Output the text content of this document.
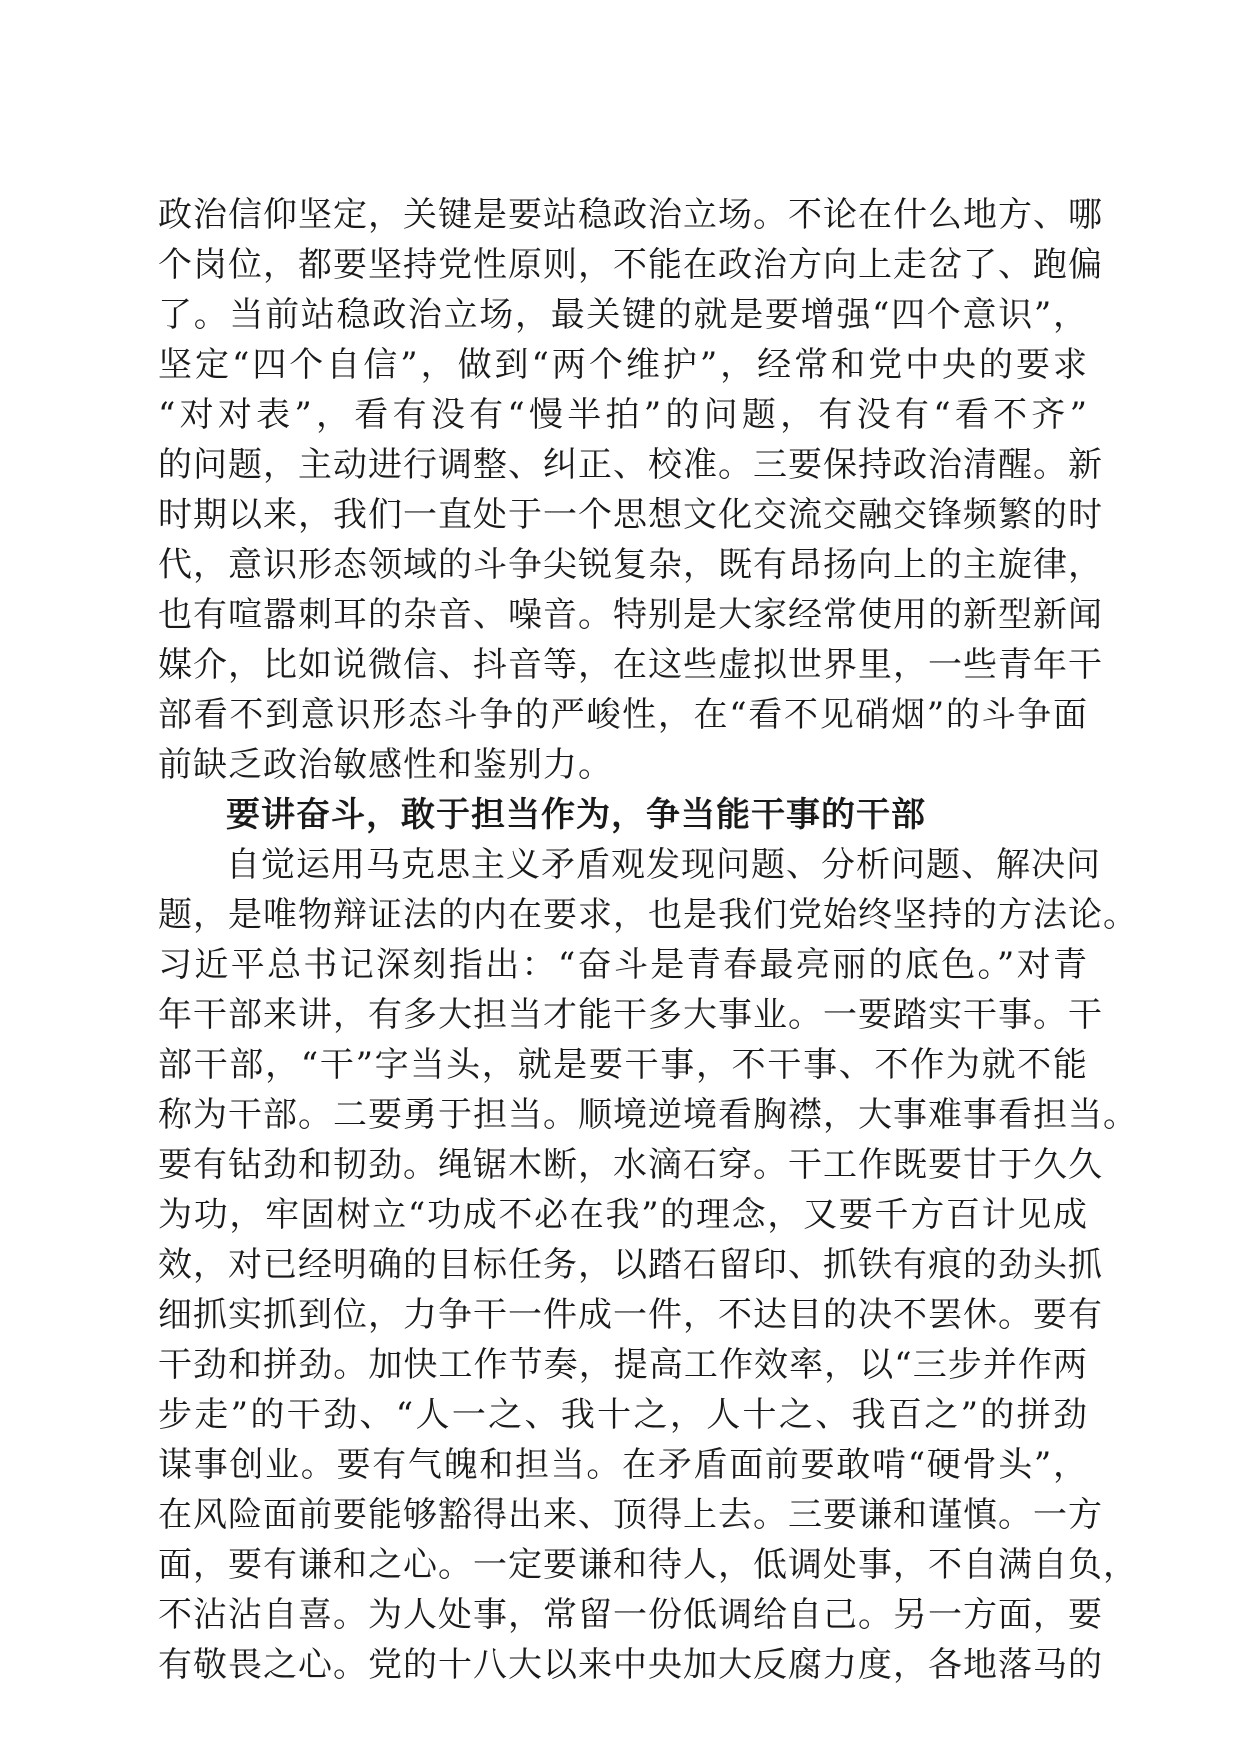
政治信仰坚定，关键是要站稳政治立场。不论在什么地方、哪
个岗位，都要坚持党性原则，不能在政治方向上走岔了、跑偏
了。当前站稳政治立场，最关键的就是要增强“四个意识”，
坚定“四个自信”，做到“两个维护”，经常和党中央的要求
“对对表”，看有没有“慢半拍”的问题，有没有“看不齐”
的问题，主动进行调整、纠正、校准。三要保持政治清醒。新
时期以来，我们一直处于一个思想文化交流交融交锋频繁的时
代，意识形态领域的斗争尖锐复杂，既有昂扬向上的主旋律，
也有喧嚣刺耳的杂音、噪音。特别是大家经常使用的新型新闻
媒介，比如说微信、抖音等，在这些虚拟世界里，一些青年干
部看不到意识形态斗争的严峻性，在“看不见硝烟”的斗争面
前缺乏政治敏感性和鉴别力。
要讲奋斗，敢于担当作为，争当能干事的干部
自觉运用马克思主义矛盾观发现问题、分析问题、解决问
题，是唯物辩证法的内在要求，也是我们党始终坚持的方法论。
习近平总书记深刻指出：“奋斗是青春最亮丽的底色。”对青
年干部来讲，有多大担当才能干多大事业。一要踏实干事。干
部干部，“干”字当头，就是要干事，不干事、不作为就不能
称为干部。二要勇于担当。顺境逆境看胸襟，大事难事看担当。
要有钻劲和韧劲。绳锯木断，水滴石穿。干工作既要甘于久久
为功，牢固树立“功成不必在我”的理念，又要千方百计见成
效，对已经明确的目标任务，以踏石留印、抓铁有痕的劲头抓
细抓实抓到位，力争干一件成一件，不达目的决不罢休。要有
干劲和拼劲。加快工作节奏，提高工作效率，以“三步并作两
步走”的干劲、“人一之、我十之，人十之、我百之”的拼劲
谋事创业。要有气魄和担当。在矛盾面前要敢啃“硬骨头”，
在风险面前要能够豁得出来、顶得上去。三要谦和谨慎。一方
面，要有谦和之心。一定要谦和待人，低调处事，不自满自负，
不沾沾自喜。为人处事，常留一份低调给自己。另一方面，要
有敬畏之心。党的十八大以来中央加大反腐力度，各地落马的
